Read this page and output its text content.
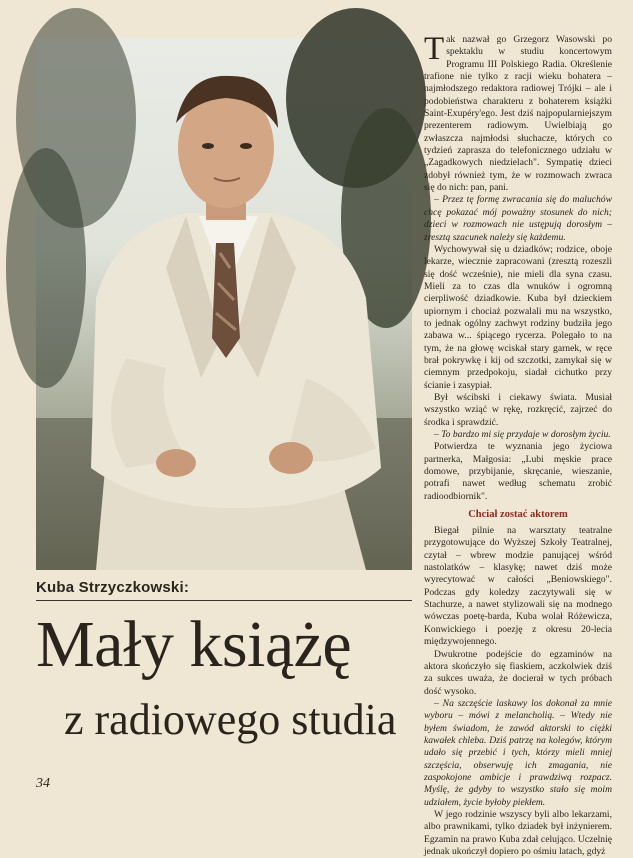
Kuba Strzyczkowski:
Mały książę
z radiowego studia
34

Tak nazwał go Grzegorz Wasowski po spektaklu w studiu koncertowym Programu III Polskiego Radia. Określenie trafione nie tylko z racji wieku bohatera – najmłodszego redaktora radiowej Trójki – ale i podobieństwa charakteru z bohaterem książki Saint-Exupéry'ego. Jest dziś najpopularniejszym prezenterem radiowym. Uwielbiają go zwłaszcza najmłodsi słuchacze, których co tydzień zaprasza do telefonicznego udziału w „Zagadkowych niedzielach". Sympatię dzieci zdobył również tym, że w rozmowach zwraca się do nich: pan, pani.

– Przez tę formę zwracania się do maluchów chcę pokazać mój poważny stosunek do nich; dzieci w rozmowach nie ustępują dorosłym – zresztą szacunek należy się każdemu.

Wychowywał się u dziadków; rodzice, oboje lekarze, wiecznie zapracowani (zresztą rozeszli się dość wcześnie), nie mieli dla syna czasu. Mieli za to czas dla wnuków i ogromną cierpliwość dziadkowie. Kuba był dzieckiem upiornym i chociaż pozwalali mu na wszystko, to jednak ogólny zachwyt rodziny budziła jego zabawa w... śpiącego rycerza. Polegało to na tym, że na głowę wciskał stary garnek, w ręce brał pokrywkę i kij od szczotki, zamykał się w ciemnym przedpokoju, siadał cichutko przy ścianie i zasypiał.

Był wścibski i ciekawy świata. Musiał wszystko wziąć w rękę, rozkręcić, zajrzeć do środka i sprawdzić.

– To bardzo mi się przydaje w dorosłym życiu.

Potwierdza te wyznania jego życiowa partnerka, Małgosia: „Lubi męskie prace domowe, przybijanie, skręcanie, wieszanie, potrafi nawet według schematu zrobić radioodbiornik".

Chciał zostać aktorem

Biegał pilnie na warsztaty teatralne przygotowujące do Wyższej Szkoły Teatralnej, czytał – wbrew modzie panującej wśród nastolatków – klasykę; nawet dziś może wyrecytować w całości „Beniowskiego". Podczas gdy koledzy zaczytywali się w Stachurze, a nawet stylizowali się na modnego wówczas poetę-barda, Kuba wolał Różewicza, Konwickiego i poezję z okresu 20-lecia międzywojennego.

Dwukrotne podejście do egzaminów na aktora skończyło się fiaskiem, aczkolwiek dziś za sukces uważa, że docierał w tych próbach dość wysoko.

– Na szczęście laskawy los dokonał za mnie wyboru – mówi z melancholią. – Wtedy nie byłem świadom, że zawód aktorski to ciężki kawałek chleba. Dziś patrzę na kolegów, którym udało się przebić i tych, którzy mieli mniej szczęścia, obserwuję ich zmagania, nie zaspokojone ambicje i prawdziwą rozpacz. Myślę, że gdyby to wszystko stało się moim udziałem, życie byłoby piekłem.

W jego rodzinie wszyscy byli albo lekarzami, albo prawnikami, tylko dziadek był inżynierem. Egzamin na prawo Kuba zdał celująco. Uczelnię jednak ukończył dopiero po ośmiu latach, gdyż
